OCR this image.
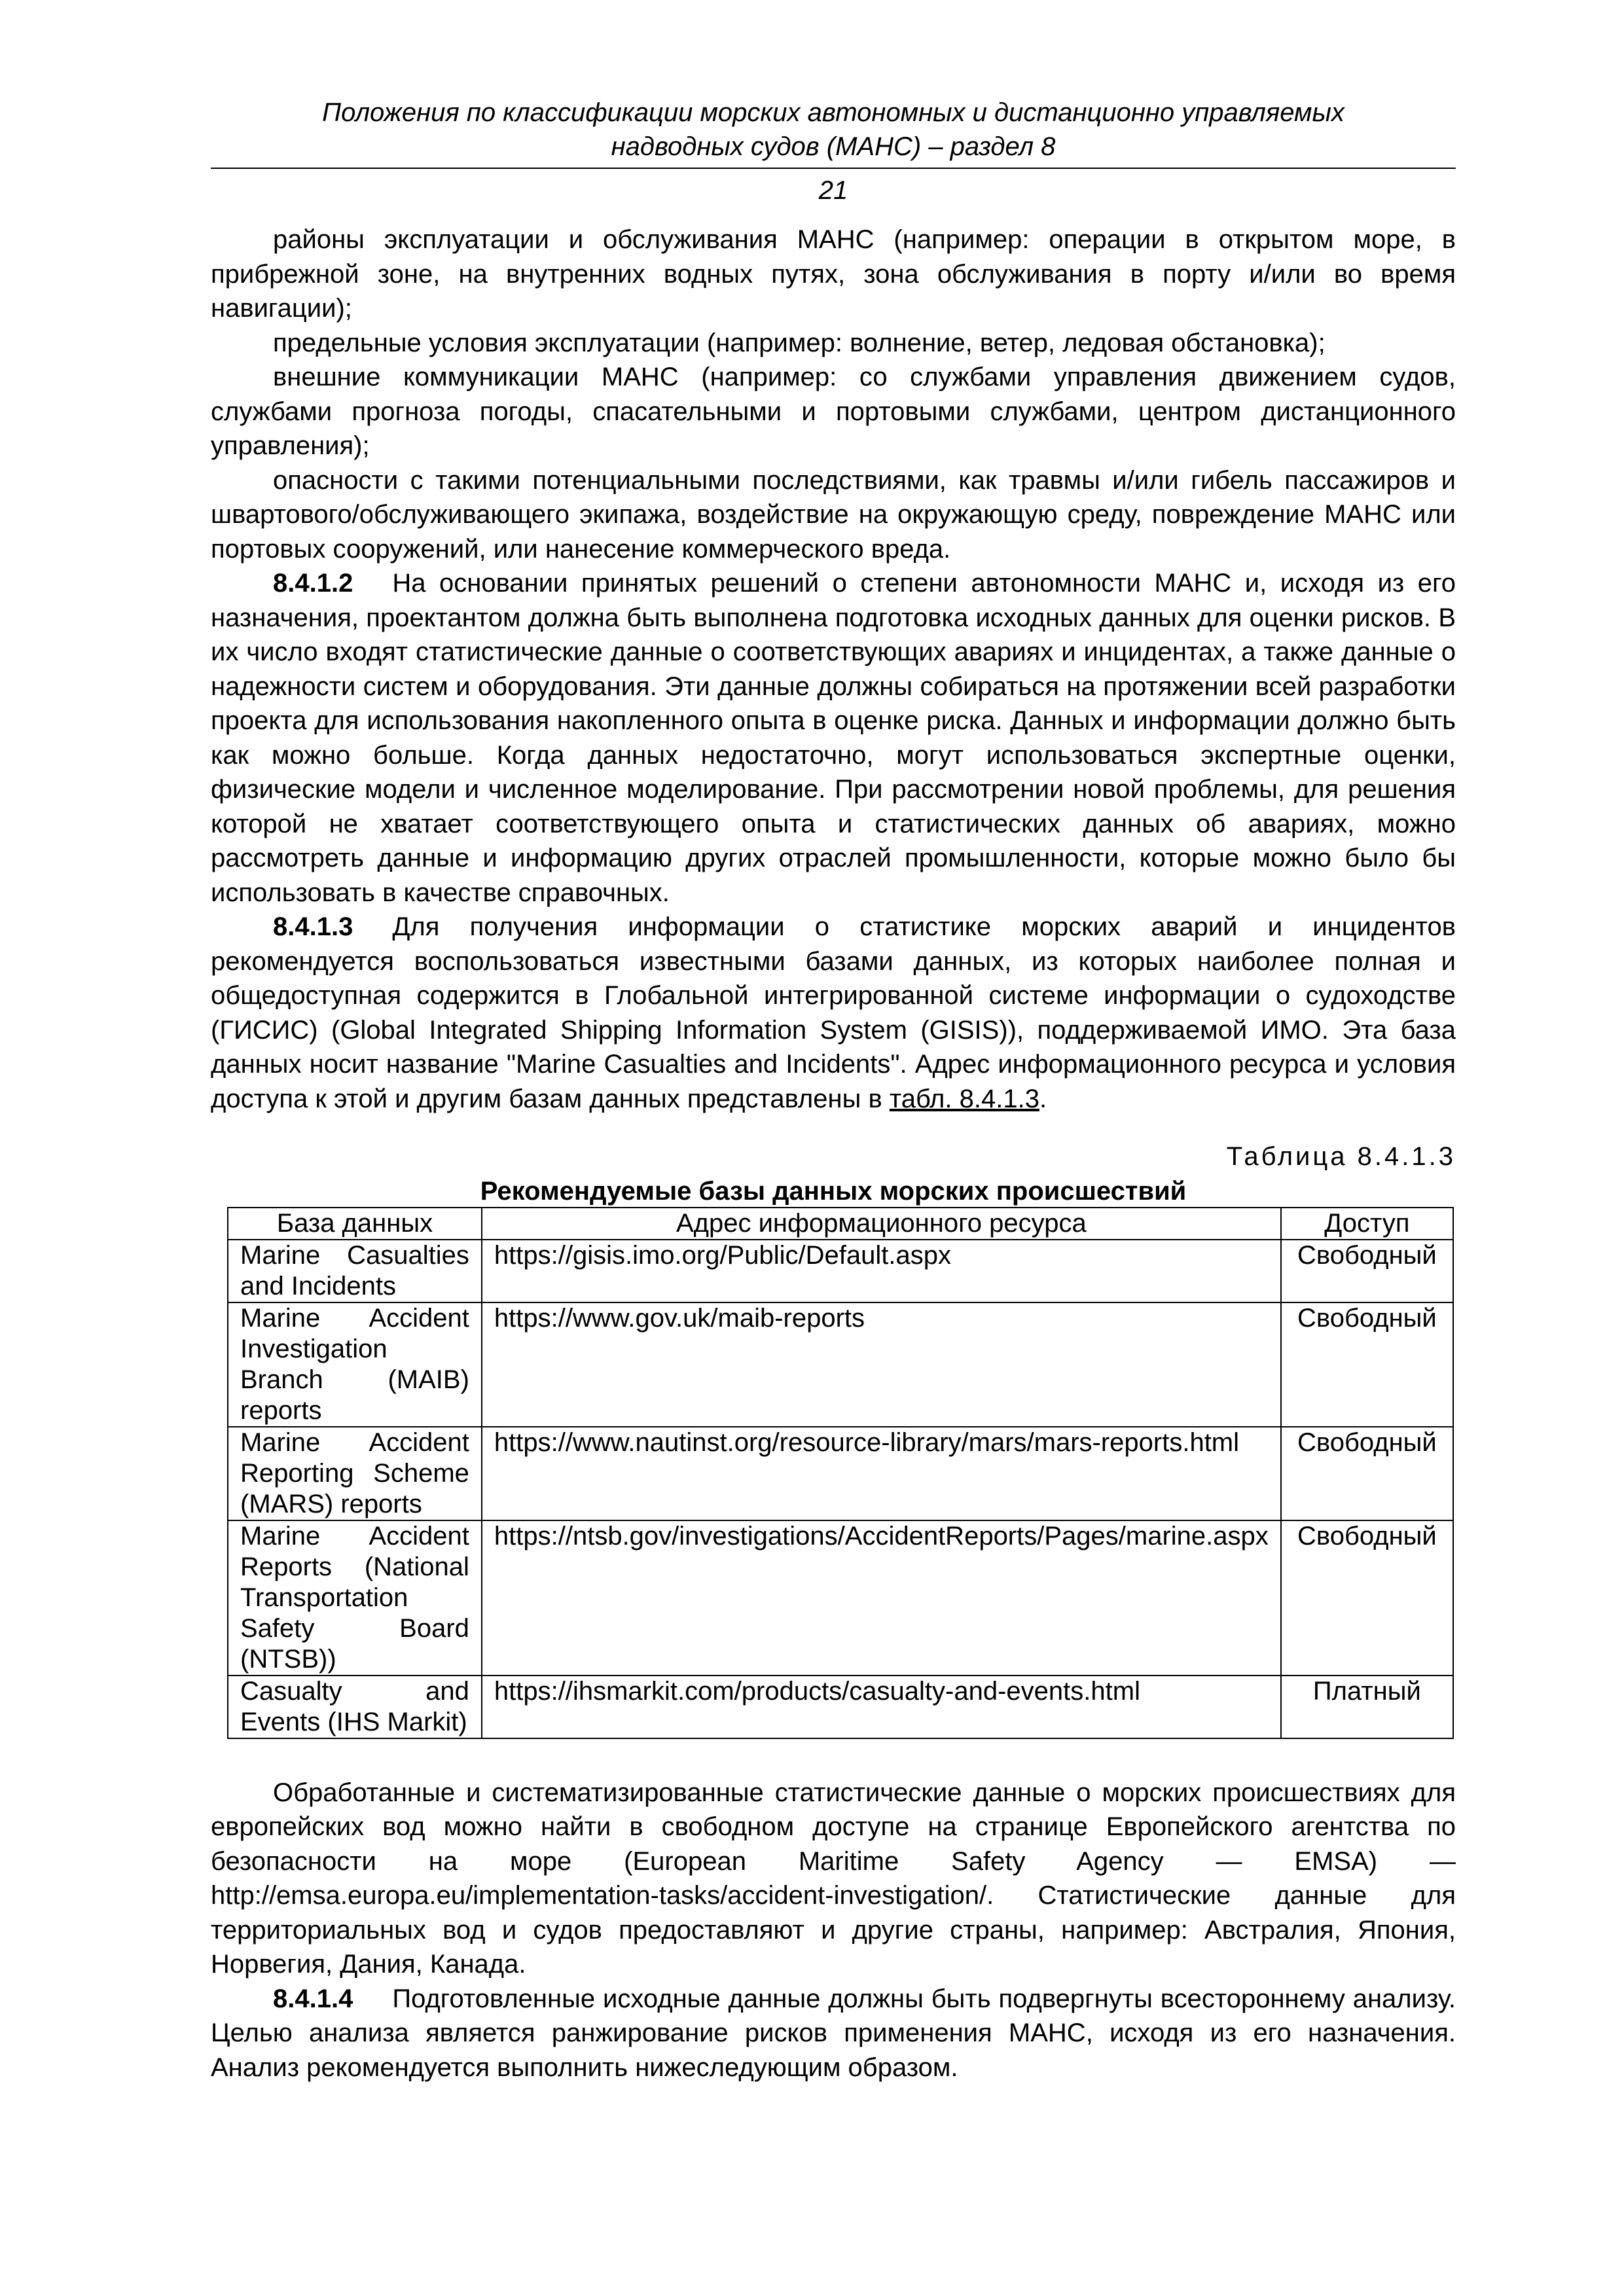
Положения по классификации морских автономных и дистанционно управляемых
надводных судов (МАНС) – раздел 8
21

районы эксплуатации и обслуживания МАНС (например: операции в открытом море, в прибрежной зоне, на внутренних водных путях, зона обслуживания в порту и/или во время навигации);

предельные условия эксплуатации (например: волнение, ветер, ледовая обстановка);

внешние коммуникации МАНС (например: со службами управления движением судов, службами прогноза погоды, спасательными и портовыми службами, центром дистанционного управления);

опасности с такими потенциальными последствиями, как травмы и/или гибель пассажиров и швартового/обслуживающего экипажа, воздействие на окружающую среду, повреждение МАНС или портовых сооружений, или нанесение коммерческого вреда.

8.4.1.2 На основании принятых решений о степени автономности МАНС и, исходя из его назначения, проектантом должна быть выполнена подготовка исходных данных для оценки рисков. В их число входят статистические данные о соответствующих авариях и инцидентах, а также данные о надежности систем и оборудования. Эти данные должны собираться на протяжении всей разработки проекта для использования накопленного опыта в оценке риска. Данных и информации должно быть как можно больше. Когда данных недостаточно, могут использоваться экспертные оценки, физические модели и численное моделирование. При рассмотрении новой проблемы, для решения которой не хватает соответствующего опыта и статистических данных об авариях, можно рассмотреть данные и информацию других отраслей промышленности, которые можно было бы использовать в качестве справочных.

8.4.1.3 Для получения информации о статистике морских аварий и инцидентов рекомендуется воспользоваться известными базами данных, из которых наиболее полная и общедоступная содержится в Глобальной интегрированной системе информации о судоходстве (ГИСИС) (Global Integrated Shipping Information System (GISIS)), поддерживаемой ИМО. Эта база данных носит название "Marine Casualties and Incidents". Адрес информационного ресурса и условия доступа к этой и другим базам данных представлены в табл. 8.4.1.3.

Таблица 8.4.1.3
Рекомендуемые базы данных морских происшествий
База данных	Адрес информационного ресурса	Доступ
Marine Casualties and Incidents	https://gisis.imo.org/Public/Default.aspx	Свободный
Marine Accident Investigation Branch (MAIB) reports	https://www.gov.uk/maib-reports	Свободный
Marine Accident Reporting Scheme (MARS) reports	https://www.nautinst.org/resource-library/mars/mars-reports.html	Свободный
Marine Accident Reports (National Transportation Safety Board (NTSB))	https://ntsb.gov/investigations/AccidentReports/Pages/marine.aspx	Свободный
Casualty and Events (IHS Markit)	https://ihsmarkit.com/products/casualty-and-events.html	Платный

Обработанные и систематизированные статистические данные о морских происшествиях для европейских вод можно найти в свободном доступе на странице Европейского агентства по безопасности на море (European Maritime Safety Agency — EMSA) — http://emsa.europa.eu/implementation-tasks/accident-investigation/. Статистические данные для территориальных вод и судов предоставляют и другие страны, например: Австралия, Япония, Норвегия, Дания, Канада.

8.4.1.4 Подготовленные исходные данные должны быть подвергнуты всестороннему анализу. Целью анализа является ранжирование рисков применения МАНС, исходя из его назначения. Анализ рекомендуется выполнить нижеследующим образом.
